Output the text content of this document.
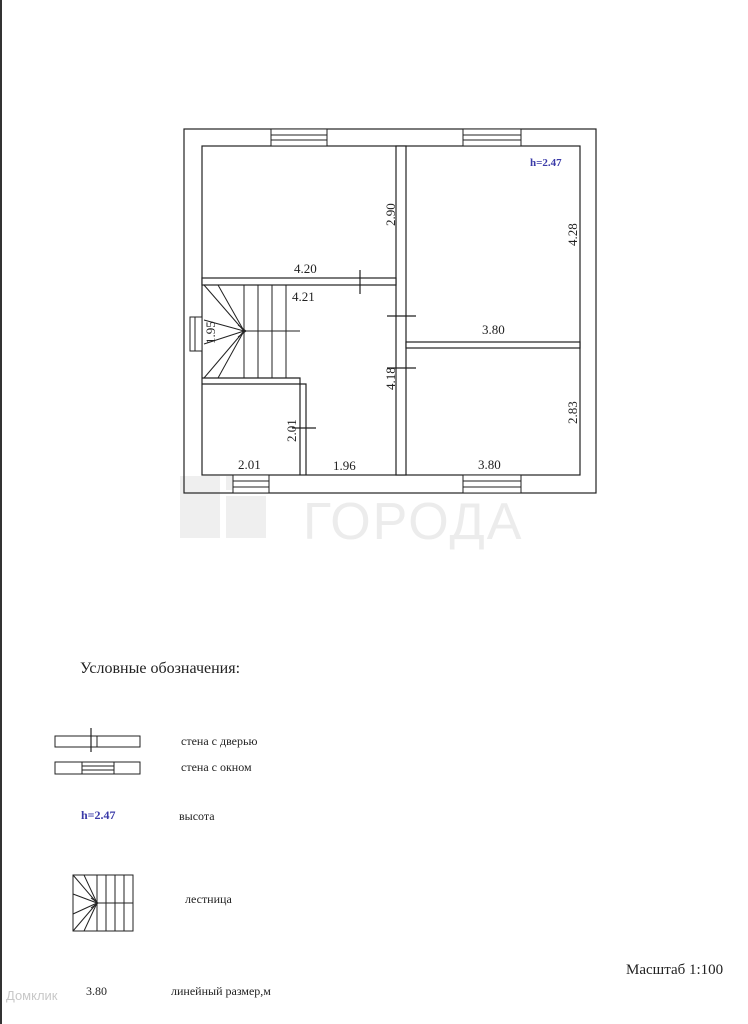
ГОРОДА
h=2.47
4.20
4.21
3.80
3.80
2.01	1.96
2.90
4.28
2.83
1.95
4.18
2.01
Условные обозначения:
стена с дверью
стена с окном
h=2.47	высота
лестница
3.80	линейный размер,м
Масштаб 1:100
Домклик
